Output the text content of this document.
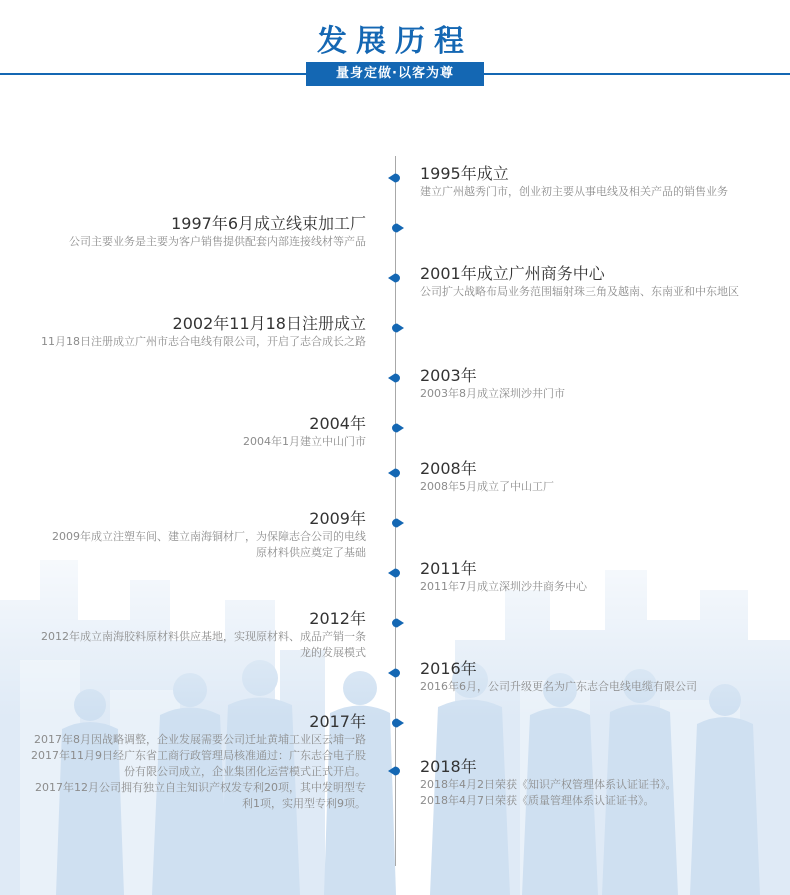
发展历程
量身定做·以客为尊
1995年成立
建立广州越秀门市，创业初主要从事电线及相关产品的销售业务
1997年6月成立线束加工厂
公司主要业务是主要为客户销售提供配套内部连接线材等产品
2001年成立广州商务中心
公司扩大战略布局业务范围辐射珠三角及越南、东南亚和中东地区
2002年11月18日注册成立
11月18日注册成立广州市志合电线有限公司，开启了志合成长之路
2003年
2003年8月成立深圳沙井门市
2004年
2004年1月建立中山门市
2008年
2008年5月成立了中山工厂
2009年
2009年成立注塑车间、建立南海铜材厂，为保障志合公司的电线
原材料供应奠定了基础
2011年
2011年7月成立深圳沙井商务中心
2012年
2012年成立南海胶料原材料供应基地，实现原材料、成品产销一条
龙的发展模式
2016年
2016年6月，公司升级更名为广东志合电线电缆有限公司
2017年
2017年8月因战略调整，企业发展需要公司迁址黄埔工业区云埔一路
2017年11月9日经广东省工商行政管理局核准通过：广东志合电子股
份有限公司成立，企业集团化运营模式正式开启。
2017年12月公司拥有独立自主知识产权发专利20项，其中发明型专
利1项，实用型专利9项。
2018年
2018年4月2日荣获《知识产权管理体系认证证书》。
2018年4月7日荣获《质量管理体系认证证书》。
